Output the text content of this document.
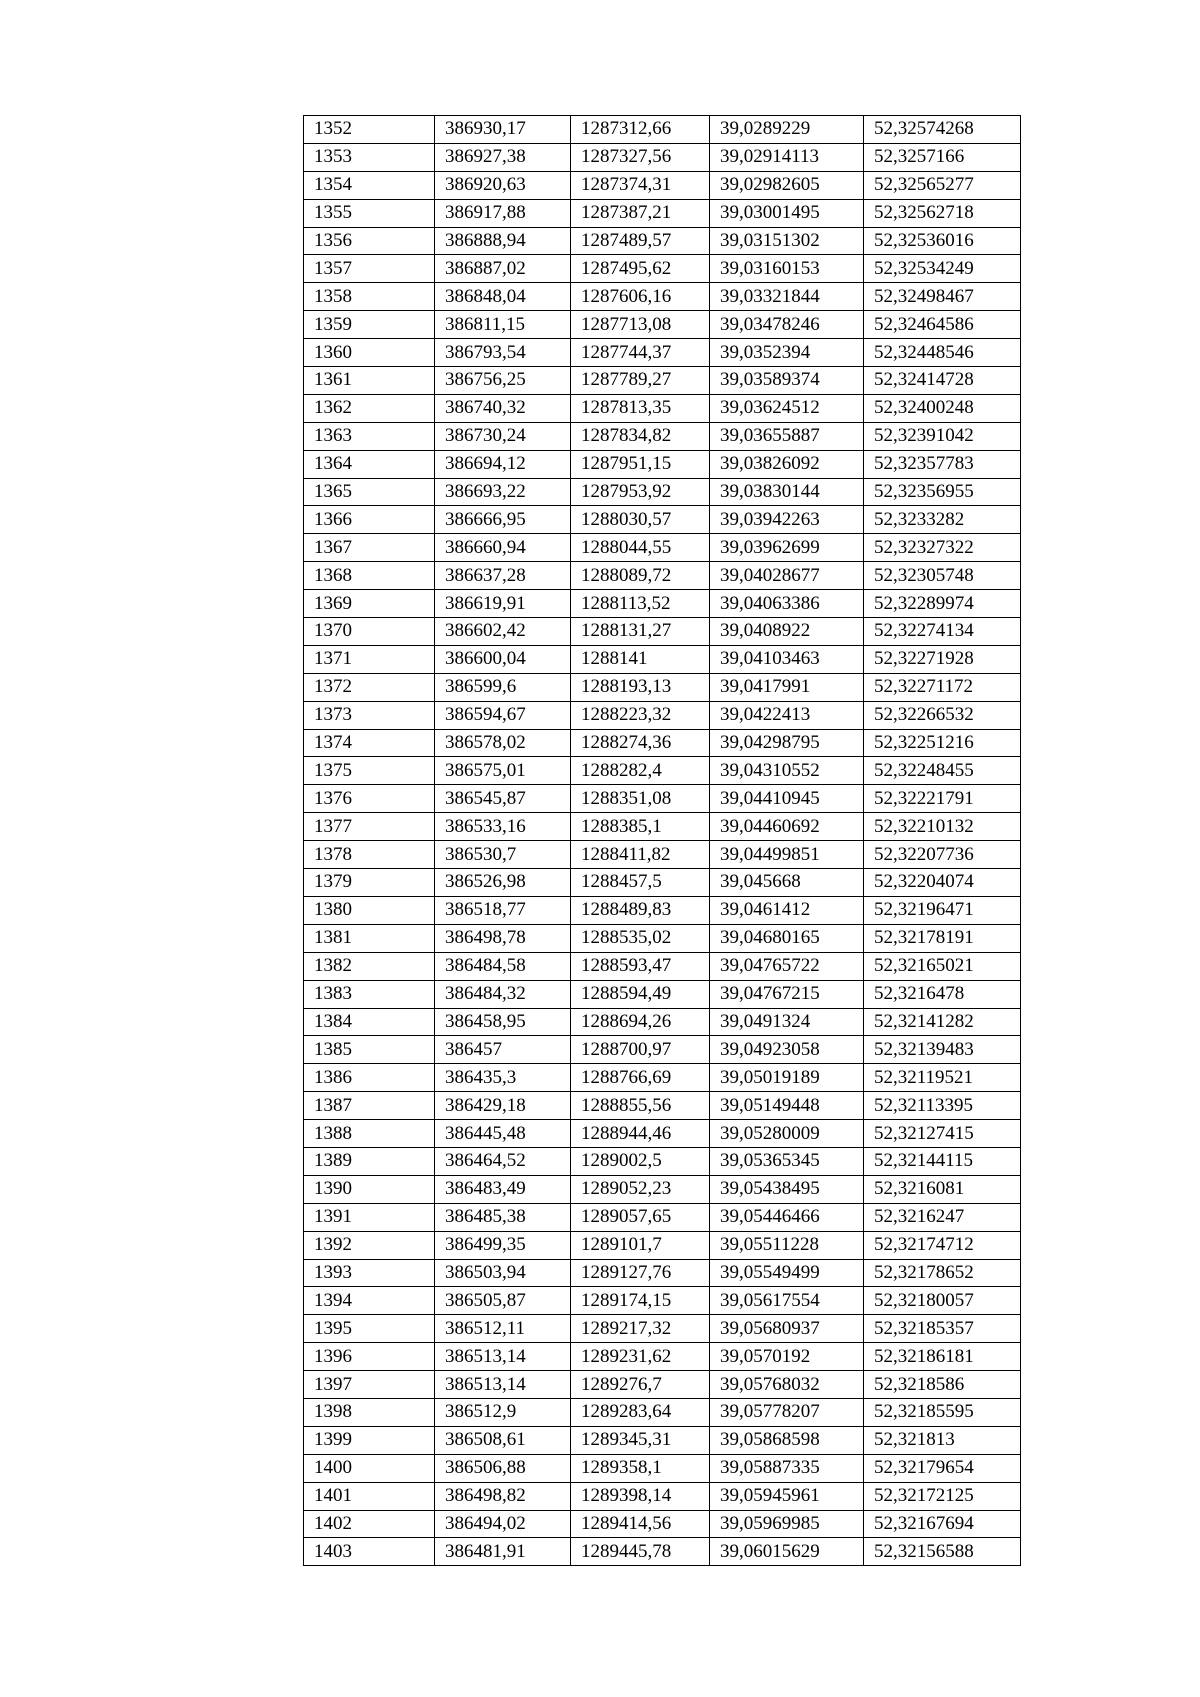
1352	386930,17	1287312,66	39,0289229	52,32574268
1353	386927,38	1287327,56	39,02914113	52,3257166
1354	386920,63	1287374,31	39,02982605	52,32565277
1355	386917,88	1287387,21	39,03001495	52,32562718
1356	386888,94	1287489,57	39,03151302	52,32536016
1357	386887,02	1287495,62	39,03160153	52,32534249
1358	386848,04	1287606,16	39,03321844	52,32498467
1359	386811,15	1287713,08	39,03478246	52,32464586
1360	386793,54	1287744,37	39,0352394	52,32448546
1361	386756,25	1287789,27	39,03589374	52,32414728
1362	386740,32	1287813,35	39,03624512	52,32400248
1363	386730,24	1287834,82	39,03655887	52,32391042
1364	386694,12	1287951,15	39,03826092	52,32357783
1365	386693,22	1287953,92	39,03830144	52,32356955
1366	386666,95	1288030,57	39,03942263	52,3233282
1367	386660,94	1288044,55	39,03962699	52,32327322
1368	386637,28	1288089,72	39,04028677	52,32305748
1369	386619,91	1288113,52	39,04063386	52,32289974
1370	386602,42	1288131,27	39,0408922	52,32274134
1371	386600,04	1288141	39,04103463	52,32271928
1372	386599,6	1288193,13	39,0417991	52,32271172
1373	386594,67	1288223,32	39,0422413	52,32266532
1374	386578,02	1288274,36	39,04298795	52,32251216
1375	386575,01	1288282,4	39,04310552	52,32248455
1376	386545,87	1288351,08	39,04410945	52,32221791
1377	386533,16	1288385,1	39,04460692	52,32210132
1378	386530,7	1288411,82	39,04499851	52,32207736
1379	386526,98	1288457,5	39,045668	52,32204074
1380	386518,77	1288489,83	39,0461412	52,32196471
1381	386498,78	1288535,02	39,04680165	52,32178191
1382	386484,58	1288593,47	39,04765722	52,32165021
1383	386484,32	1288594,49	39,04767215	52,3216478
1384	386458,95	1288694,26	39,0491324	52,32141282
1385	386457	1288700,97	39,04923058	52,32139483
1386	386435,3	1288766,69	39,05019189	52,32119521
1387	386429,18	1288855,56	39,05149448	52,32113395
1388	386445,48	1288944,46	39,05280009	52,32127415
1389	386464,52	1289002,5	39,05365345	52,32144115
1390	386483,49	1289052,23	39,05438495	52,3216081
1391	386485,38	1289057,65	39,05446466	52,3216247
1392	386499,35	1289101,7	39,05511228	52,32174712
1393	386503,94	1289127,76	39,05549499	52,32178652
1394	386505,87	1289174,15	39,05617554	52,32180057
1395	386512,11	1289217,32	39,05680937	52,32185357
1396	386513,14	1289231,62	39,0570192	52,32186181
1397	386513,14	1289276,7	39,05768032	52,3218586
1398	386512,9	1289283,64	39,05778207	52,32185595
1399	386508,61	1289345,31	39,05868598	52,321813
1400	386506,88	1289358,1	39,05887335	52,32179654
1401	386498,82	1289398,14	39,05945961	52,32172125
1402	386494,02	1289414,56	39,05969985	52,32167694
1403	386481,91	1289445,78	39,06015629	52,32156588
